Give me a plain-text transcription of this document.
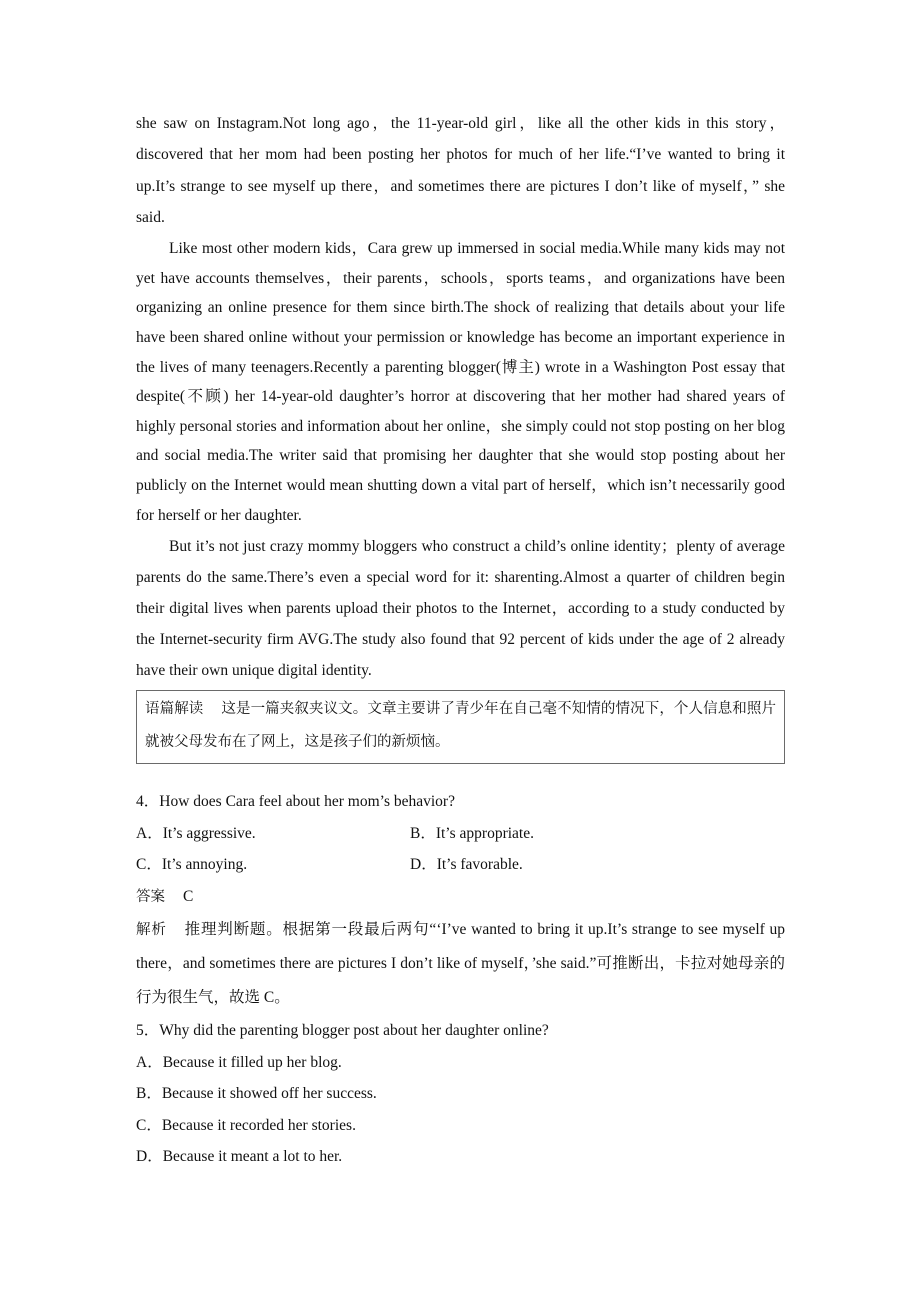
she saw on Instagram.Not long ago，the 11-year-old girl，like all the other kids in this story，discovered that her mom had been posting her photos for much of her life.“I’ve wanted to bring it up.It’s strange to see myself up there，and sometimes there are pictures I don’t like of myself，” she said.

Like most other modern kids，Cara grew up immersed in social media.While many kids may not yet have accounts themselves，their parents，schools，sports teams，and organizations have been organizing an online presence for them since birth.The shock of realizing that details about your life have been shared online without your permission or knowledge has become an important experience in the lives of many teenagers.Recently a parenting blogger(博主) wrote in a Washington Post essay that despite(不顾) her 14-year-old daughter’s horror at discovering that her mother had shared years of highly personal stories and information about her online，she simply could not stop posting on her blog and social media.The writer said that promising her daughter that she would stop posting about her publicly on the Internet would mean shutting down a vital part of herself，which isn’t necessarily good for herself or her daughter.

But it’s not just crazy mommy bloggers who construct a child’s online identity；plenty of average parents do the same.There’s even a special word for it: sharenting.Almost a quarter of children begin their digital lives when parents upload their photos to the Internet，according to a study conducted by the Internet-security firm AVG.The study also found that 92 percent of kids under the age of 2 already have their own unique digital identity.

语篇解读 这是一篇夹叙夹议文。文章主要讲了青少年在自己毫不知情的情况下，个人信息和照片就被父母发布在了网上，这是孩子们的新烦恼。

4．How does Cara feel about her mom’s behavior?

A．It’s aggressive.	B．It’s appropriate.

C．It’s annoying.	D．It’s favorable.

答案 C

解析 推理判断题。根据第一段最后两句“‘I’ve wanted to bring it up.It’s strange to see myself up there，and sometimes there are pictures I don’t like of myself，’she said.”可推断出，卡拉对她母亲的行为很生气，故选 C。

5．Why did the parenting blogger post about her daughter online?

A．Because it filled up her blog.

B．Because it showed off her success.

C．Because it recorded her stories.

D．Because it meant a lot to her.
